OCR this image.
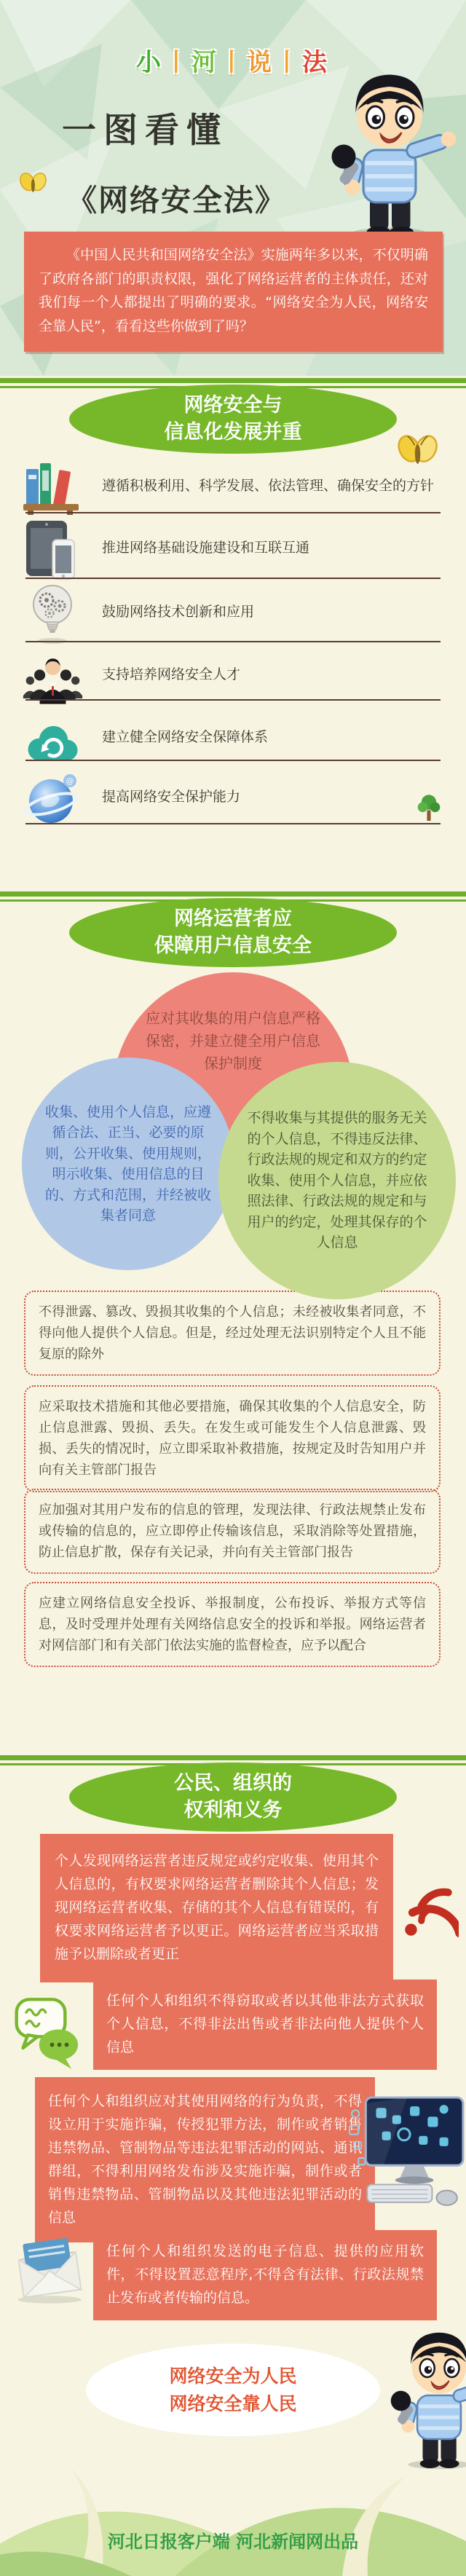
小丨河丨说丨法
一图看懂
《网络安全法》

《中国人民共和国网络安全法》实施两年多以来，不仅明确了政府各部门的职责权限，强化了网络运营者的主体责任，还对我们每一个人都提出了明确的要求。“网络安全为人民，网络安全靠人民”，看看这些你做到了吗？

网络安全与
信息化发展并重
遵循积极利用、科学发展、依法管理、确保安全的方针
推进网络基础设施建设和互联互通
鼓励网络技术创新和应用
支持培养网络安全人才
建立健全网络安全保障体系
@
提高网络安全保护能力
网络运营者应
保障用户信息安全
应对其收集的用户信息严格保密，并建立健全用户信息保护制度
收集、使用个人信息，应遵循合法、正当、必要的原则，公开收集、使用规则，明示收集、使用信息的目的、方式和范围，并经被收集者同意
不得收集与其提供的服务无关的个人信息，不得违反法律、行政法规的规定和双方的约定收集、使用个人信息，并应依照法律、行政法规的规定和与用户的约定，处理其保存的个人信息
不得泄露、篡改、毁损其收集的个人信息；未经被收集者同意，不得向他人提供个人信息。但是，经过处理无法识别特定个人且不能复原的除外
应采取技术措施和其他必要措施，确保其收集的个人信息安全，防止信息泄露、毁损、丢失。在发生或可能发生个人信息泄露、毁损、丢失的情况时，应立即采取补救措施，按规定及时告知用户并向有关主管部门报告
应加强对其用户发布的信息的管理，发现法律、行政法规禁止发布或传输的信息的，应立即停止传输该信息，采取消除等处置措施，防止信息扩散，保存有关记录，并向有关主管部门报告
应建立网络信息安全投诉、举报制度，公布投诉、举报方式等信息，及时受理并处理有关网络信息安全的投诉和举报。网络运营者对网信部门和有关部门依法实施的监督检查，应予以配合
公民、组织的
权利和义务
个人发现网络运营者违反规定或约定收集、使用其个人信息的，有权要求网络运营者删除其个人信息；发现网络运营者收集、存储的其个人信息有错误的，有权要求网络运营者予以更正。网络运营者应当采取措施予以删除或者更正
任何个人和组织不得窃取或者以其他非法方式获取个人信息，不得非法出售或者非法向他人提供个人信息
任何个人和组织应对其使用网络的行为负责，不得设立用于实施诈骗，传授犯罪方法，制作或者销售违禁物品、管制物品等违法犯罪活动的网站、通讯群组，不得利用网络发布涉及实施诈骗，制作或者销售违禁物品、管制物品以及其他违法犯罪活动的信息
任何个人和组织发送的电子信息、提供的应用软件，不得设置恶意程序,不得含有法律、行政法规禁止发布或者传输的信息。
网络安全为人民
网络安全靠人民
河北日报客户端 河北新闻网出品
